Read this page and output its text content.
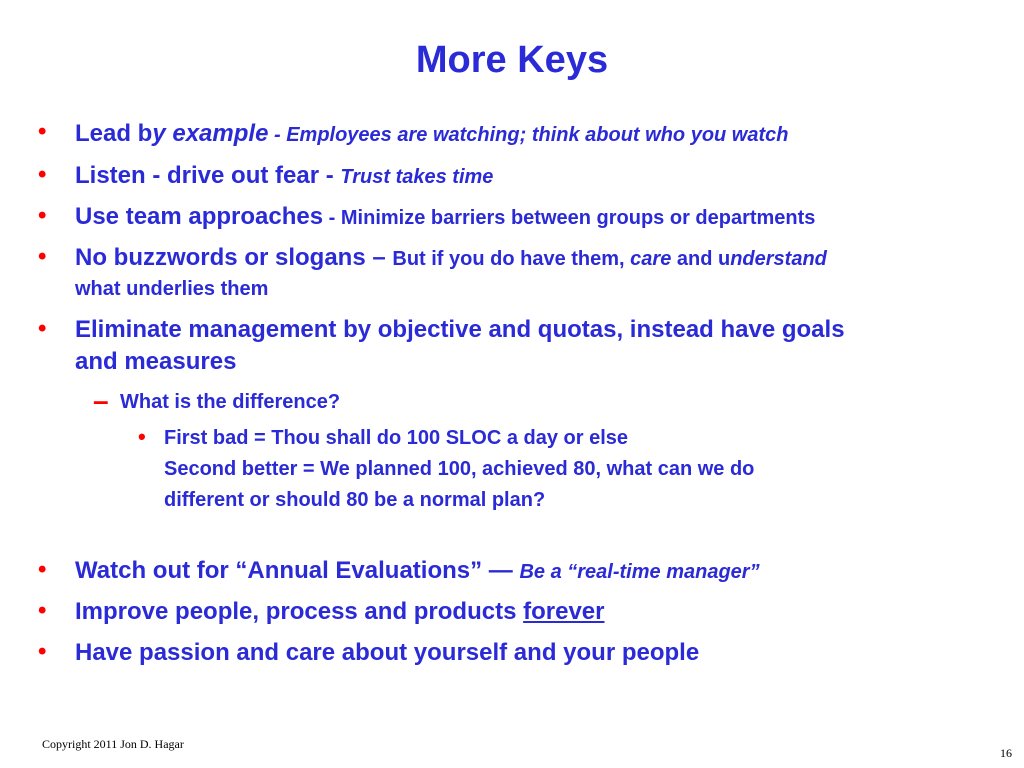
More Keys
• Lead by example - Employees are watching; think about who you watch
• Listen - drive out fear - Trust takes time
• Use team approaches - Minimize barriers between groups or departments
• No buzzwords or slogans – But if you do have them, care and understand
what underlies them
• Eliminate management by objective and quotas, instead have goals
and measures
– What is the difference?
• First bad = Thou shall do 100 SLOC a day or else
Second better = We planned 100, achieved 80, what can we do
different or should 80 be a normal plan?
• Watch out for “Annual Evaluations” — Be a “real-time manager”
• Improve people, process and products forever
• Have passion and care about yourself and your people
Copyright 2011 Jon D. Hagar
16
